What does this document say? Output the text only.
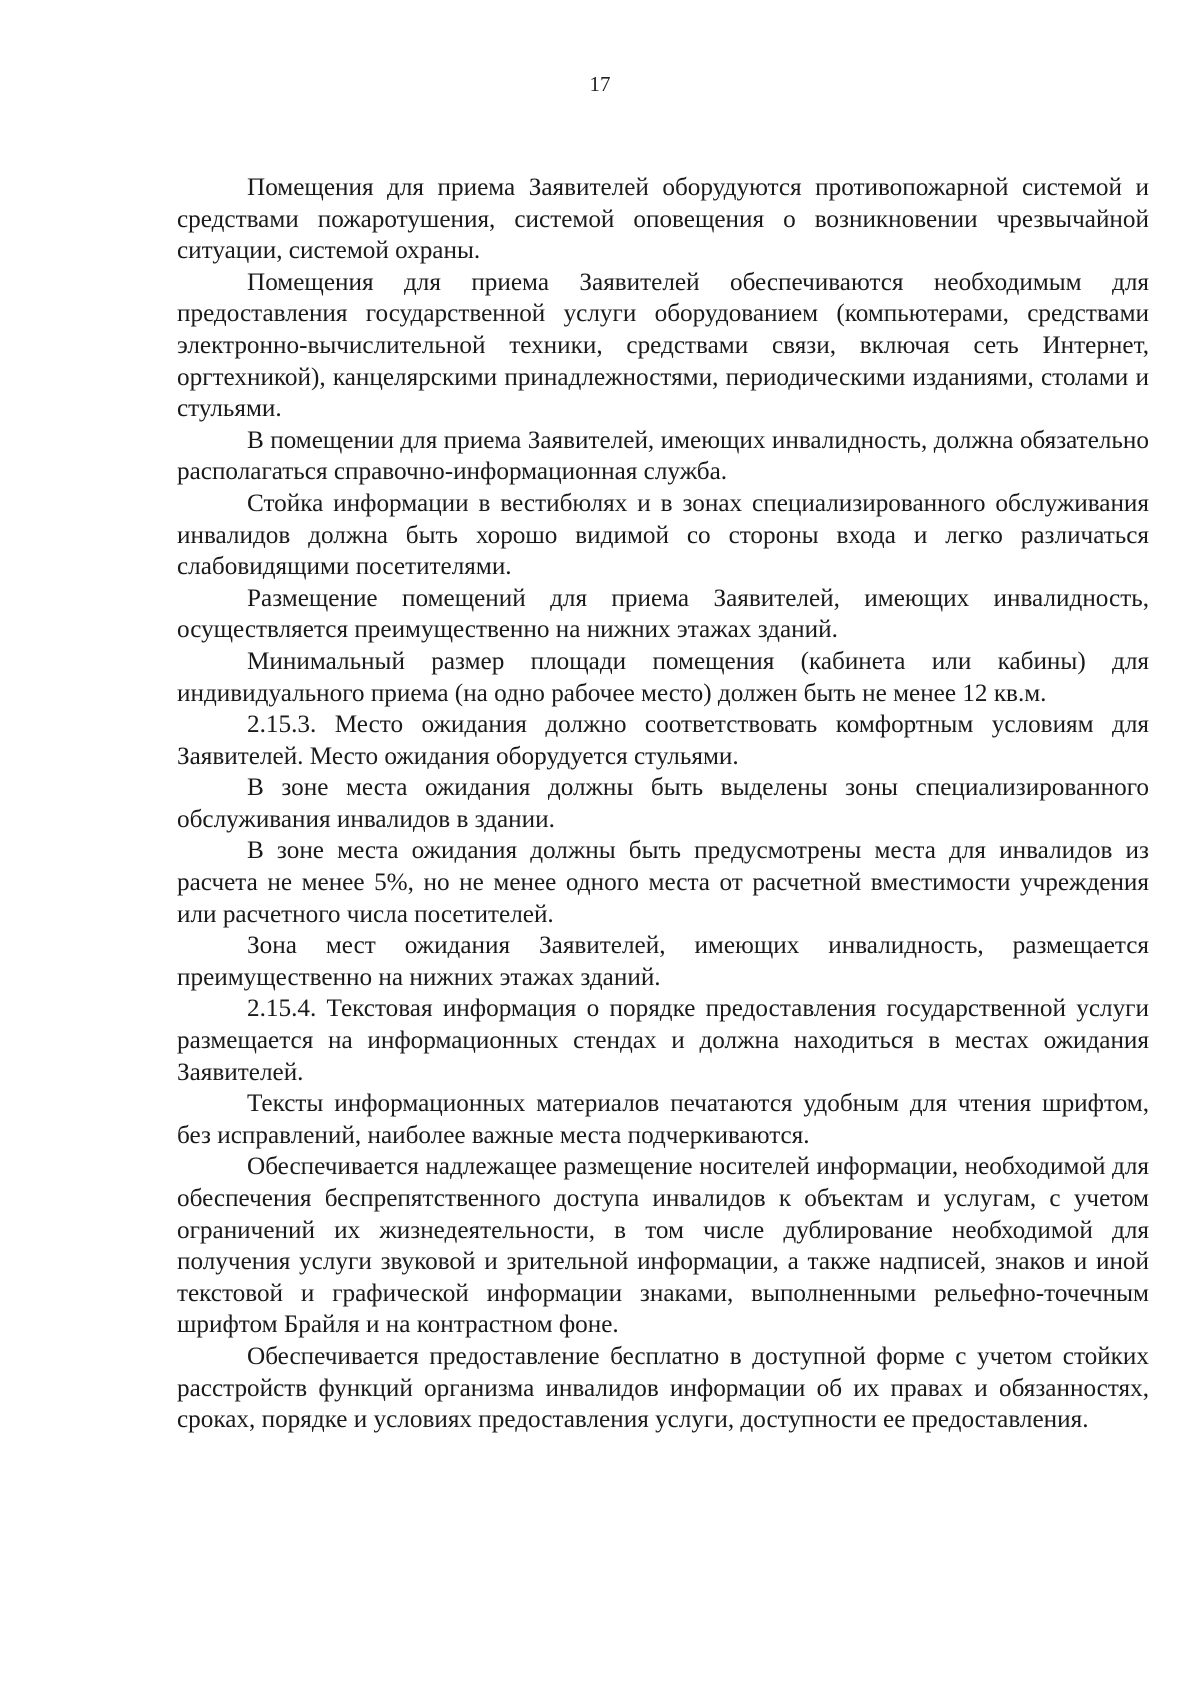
17

Помещения для приема Заявителей оборудуются противопожарной системой и средствами пожаротушения, системой оповещения о возникновении чрезвычайной ситуации, системой охраны.

Помещения для приема Заявителей обеспечиваются необходимым для предоставления государственной услуги оборудованием (компьютерами, средствами электронно-вычислительной техники, средствами связи, включая сеть Интернет, оргтехникой), канцелярскими принадлежностями, периодическими изданиями, столами и стульями.

В помещении для приема Заявителей, имеющих инвалидность, должна обязательно располагаться справочно-информационная служба.

Стойка информации в вестибюлях и в зонах специализированного обслуживания инвалидов должна быть хорошо видимой со стороны входа и легко различаться слабовидящими посетителями.

Размещение помещений для приема Заявителей, имеющих инвалидность, осуществляется преимущественно на нижних этажах зданий.

Минимальный размер площади помещения (кабинета или кабины) для индивидуального приема (на одно рабочее место) должен быть не менее 12 кв.м.

2.15.3. Место ожидания должно соответствовать комфортным условиям для Заявителей. Место ожидания оборудуется стульями.

В зоне места ожидания должны быть выделены зоны специализированного обслуживания инвалидов в здании.

В зоне места ожидания должны быть предусмотрены места для инвалидов из расчета не менее 5%, но не менее одного места от расчетной вместимости учреждения или расчетного числа посетителей.

Зона мест ожидания Заявителей, имеющих инвалидность, размещается преимущественно на нижних этажах зданий.

2.15.4. Текстовая информация о порядке предоставления государственной услуги размещается на информационных стендах и должна находиться в местах ожидания Заявителей.

Тексты информационных материалов печатаются удобным для чтения шрифтом, без исправлений, наиболее важные места подчеркиваются.

Обеспечивается надлежащее размещение носителей информации, необходимой для обеспечения беспрепятственного доступа инвалидов к объектам и услугам, с учетом ограничений их жизнедеятельности, в том числе дублирование необходимой для получения услуги звуковой и зрительной информации, а также надписей, знаков и иной текстовой и графической информации знаками, выполненными рельефно-точечным шрифтом Брайля и на контрастном фоне.

Обеспечивается предоставление бесплатно в доступной форме с учетом стойких расстройств функций организма инвалидов информации об их правах и обязанностях, сроках, порядке и условиях предоставления услуги, доступности ее предоставления.
